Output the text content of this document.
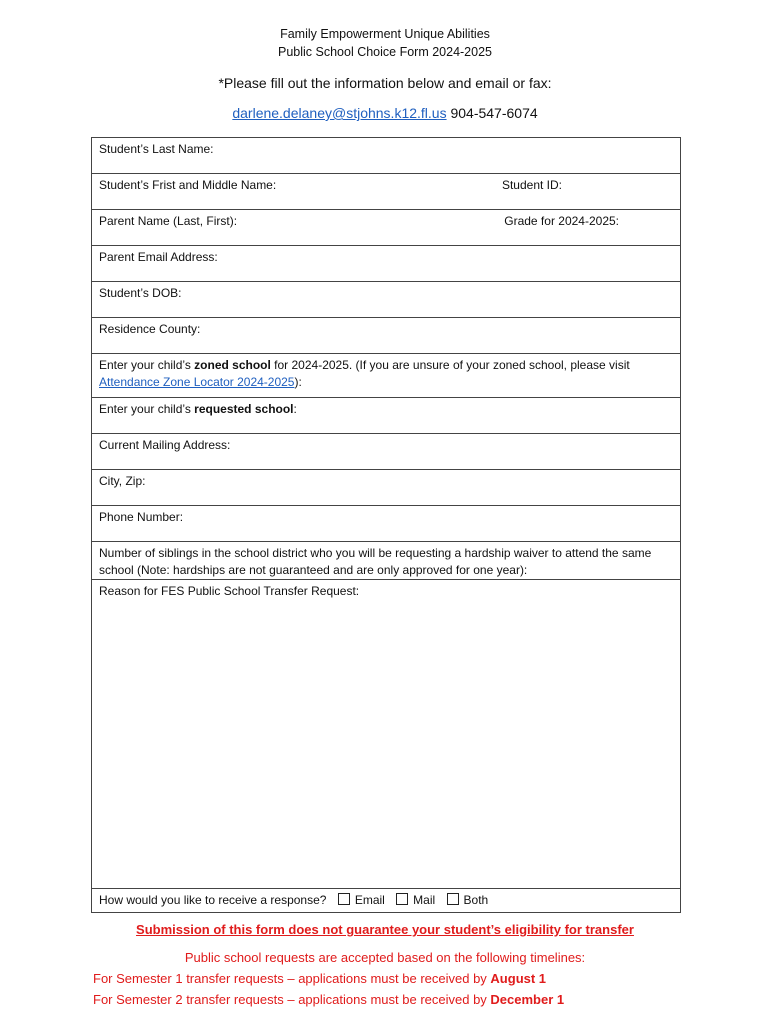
Family Empowerment Unique Abilities
Public School Choice Form 2024-2025
*Please fill out the information below and email or fax:
darlene.delaney@stjohns.k12.fl.us 904-547-6074
Student’s Last Name:

Student’s Frist and Middle Name:	Student ID:

Parent Name (Last, First):	Grade for 2024-2025:

Parent Email Address:
Student’s DOB:
Residence County:
Enter your child’s zoned school for 2024-2025. (If you are unsure of your zoned school, please visit Attendance Zone Locator 2024-2025):
Enter your child’s requested school:
Current Mailing Address:
City, Zip:
Phone Number:
Number of siblings in the school district who you will be requesting a hardship waiver to attend the same school (Note: hardships are not guaranteed and are only approved for one year):
Reason for FES Public School Transfer Request:
How would you like to receive a response? Email Mail Both
Submission of this form does not guarantee your student’s eligibility for transfer
Public school requests are accepted based on the following timelines:
For Semester 1 transfer requests – applications must be received by August 1
For Semester 2 transfer requests – applications must be received by December 1
